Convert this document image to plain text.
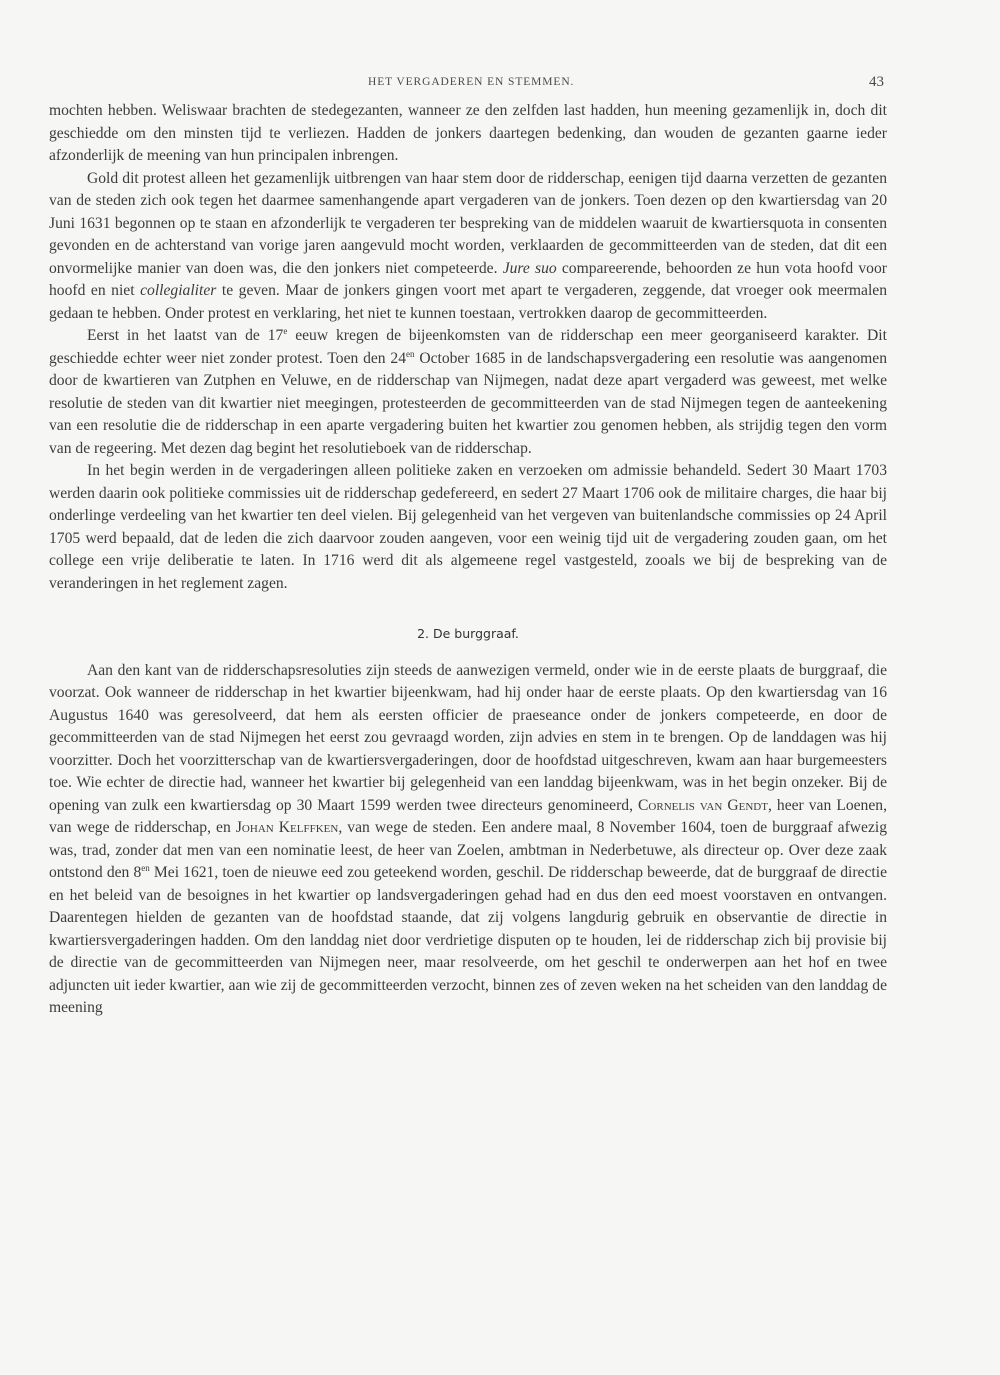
HET VERGADEREN EN STEMMEN.	43

mochten hebben. Weliswaar brachten de stedegezanten, wanneer ze den zelfden last hadden, hun meening gezamenlijk in, doch dit geschiedde om den minsten tijd te verliezen. Hadden de jonkers daartegen bedenking, dan wouden de gezanten gaarne ieder afzonderlijk de meening van hun principalen inbrengen.

Gold dit protest alleen het gezamenlijk uitbrengen van haar stem door de ridderschap, eenigen tijd daarna verzetten de gezanten van de steden zich ook tegen het daarmee samenhangende apart vergaderen van de jonkers. Toen dezen op den kwartiersdag van 20 Juni 1631 begonnen op te staan en afzonderlijk te vergaderen ter bespreking van de middelen waaruit de kwartiersquota in consenten gevonden en de achterstand van vorige jaren aangevuld mocht worden, verklaarden de gecommitteerden van de steden, dat dit een onvormelijke manier van doen was, die den jonkers niet competeerde. Jure suo compareerende, behoorden ze hun vota hoofd voor hoofd en niet collegialiter te geven. Maar de jonkers gingen voort met apart te vergaderen, zeggende, dat vroeger ook meermalen gedaan te hebben. Onder protest en verklaring, het niet te kunnen toestaan, vertrokken daarop de gecommitteerden.

Eerst in het laatst van de 17e eeuw kregen de bijeenkomsten van de ridderschap een meer georganiseerd karakter. Dit geschiedde echter weer niet zonder protest. Toen den $24^{en}$ October 1685 in de landschapsvergadering een resolutie was aangenomen door de kwartieren van Zutphen en Veluwe, en de ridderschap van Nijmegen, nadat deze apart vergaderd was geweest, met welke resolutie de steden van dit kwartier niet meegingen, protesteerden de gecommitteerden van de stad Nijmegen tegen de aanteekening van een resolutie die de ridderschap in een aparte vergadering buiten het kwartier zou genomen hebben, als strijdig tegen den vorm van de regeering. Met dezen dag begint het resolutieboek van de ridderschap.

In het begin werden in de vergaderingen alleen politieke zaken en verzoeken om admissie behandeld. Sedert 30 Maart 1703 werden daarin ook politieke commissies uit de ridderschap gedefereerd, en sedert 27 Maart 1706 ook de militaire charges, die haar bij onderlinge verdeeling van het kwartier ten deel vielen. Bij gelegenheid van het vergeven van buitenlandsche commissies op 24 April 1705 werd bepaald, dat de leden die zich daarvoor zouden aangeven, voor een weinig tijd uit de vergadering zouden gaan, om het college een vrije deliberatie te laten. In 1716 werd dit als algemeene regel vastgesteld, zooals we bij de bespreking van de veranderingen in het reglement zagen.

2. De burggraaf.

Aan den kant van de ridderschapsresoluties zijn steeds de aanwezigen vermeld, onder wie in de eerste plaats de burggraaf, die voorzat. Ook wanneer de ridderschap in het kwartier bijeenkwam, had hij onder haar de eerste plaats. Op den kwartiersdag van 16 Augustus 1640 was geresolveerd, dat hem als eersten officier de praeseance onder de jonkers competeerde, en door de gecommitteerden van de stad Nijmegen het eerst zou gevraagd worden, zijn advies en stem in te brengen. Op de landdagen was hij voorzitter. Doch het voorzitterschap van de kwartiersvergaderingen, door de hoofdstad uitgeschreven, kwam aan haar burgemeesters toe. Wie echter de directie had, wanneer het kwartier bij gelegenheid van een landdag bijeenkwam, was in het begin onzeker. Bij de opening van zulk een kwartiersdag op 30 Maart 1599 werden twee directeurs genomineerd, Cornelis van Gendt, heer van Loenen, van wege de ridderschap, en Johan Kelffken, van wege de steden. Een andere maal, 8 November 1604, toen de burggraaf afwezig was, trad, zonder dat men van een nominatie leest, de heer van Zoelen, ambtman in Nederbetuwe, als directeur op. Over deze zaak ontstond den $8^{en}$ Mei 1621, toen de nieuwe eed zou geteekend worden, geschil. De ridderschap beweerde, dat de burggraaf de directie en het beleid van de besoignes in het kwartier op landsvergaderingen gehad had en dus den eed moest voorstaven en ontvangen. Daarentegen hielden de gezanten van de hoofdstad staande, dat zij volgens langdurig gebruik en observantie de directie in kwartiersvergaderingen hadden. Om den landdag niet door verdrietige disputen op te houden, lei de ridderschap zich bij provisie bij de directie van de gecommitteerden van Nijmegen neer, maar resolveerde, om het geschil te onderwerpen aan het hof en twee adjuncten uit ieder kwartier, aan wie zij de gecommitteerden verzocht, binnen zes of zeven weken na het scheiden van den landdag de meening
